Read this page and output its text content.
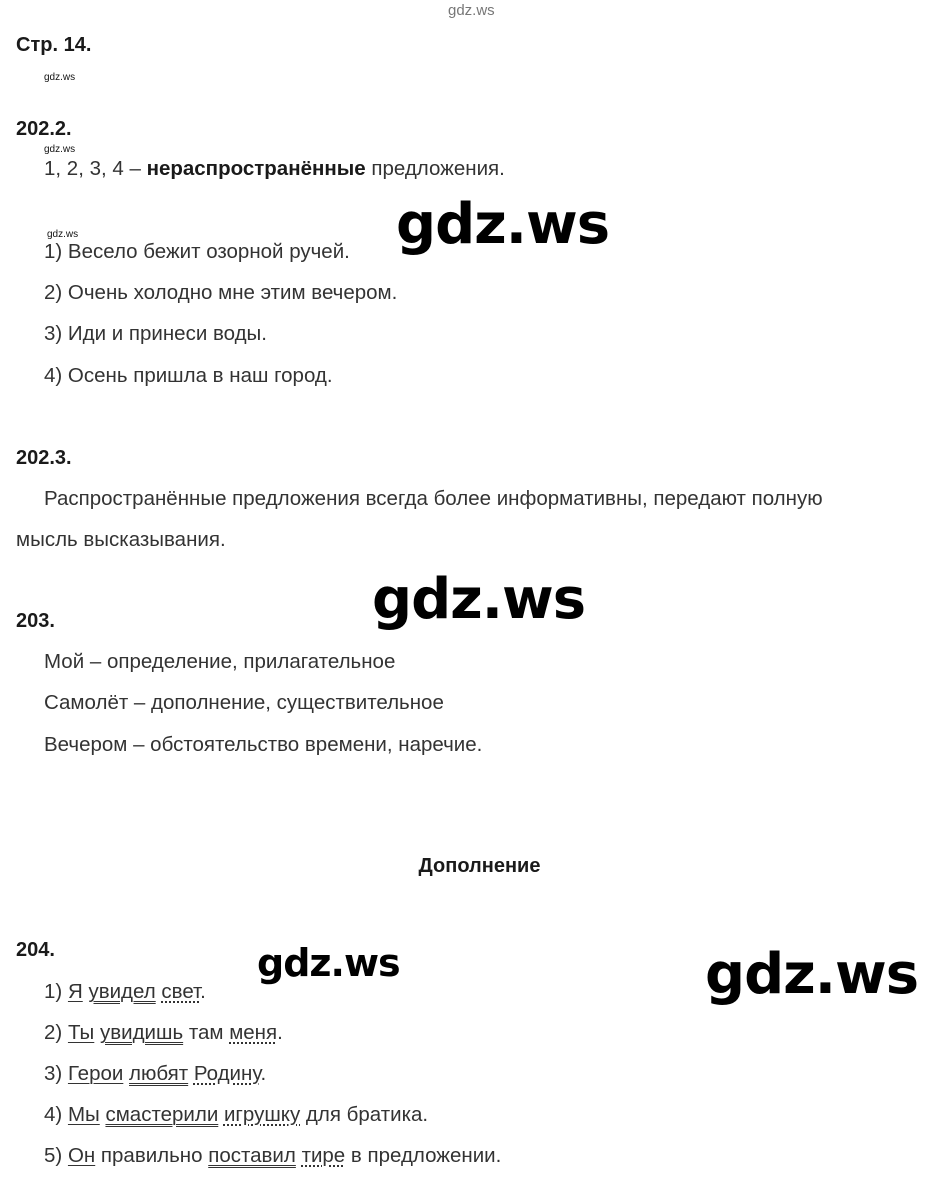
gdz.ws
gdz.ws
gdz.ws
gdz.ws
Стр. 14.
202.2.
1, 2, 3, 4 – нераспространённые предложения.
1) Весело бежит озорной ручей.
2) Очень холодно мне этим вечером.
3) Иди и принеси воды.
4) Осень пришла в наш город.
202.3.
Распространённые предложения всегда более информативны, передают полную
мысль высказывания.
203.
Мой – определение, прилагательное
Самолёт – дополнение, существительное
Вечером – обстоятельство времени, наречие.
Дополнение
204.
1) Я увидел свет.
2) Ты увидишь там меня.
3) Герои любят Родину.
4) Мы смастерили игрушку для братика.
5) Он правильно поставил тире в предложении.
gdz.ws
gdz.ws
gdz.ws	gdz.ws
